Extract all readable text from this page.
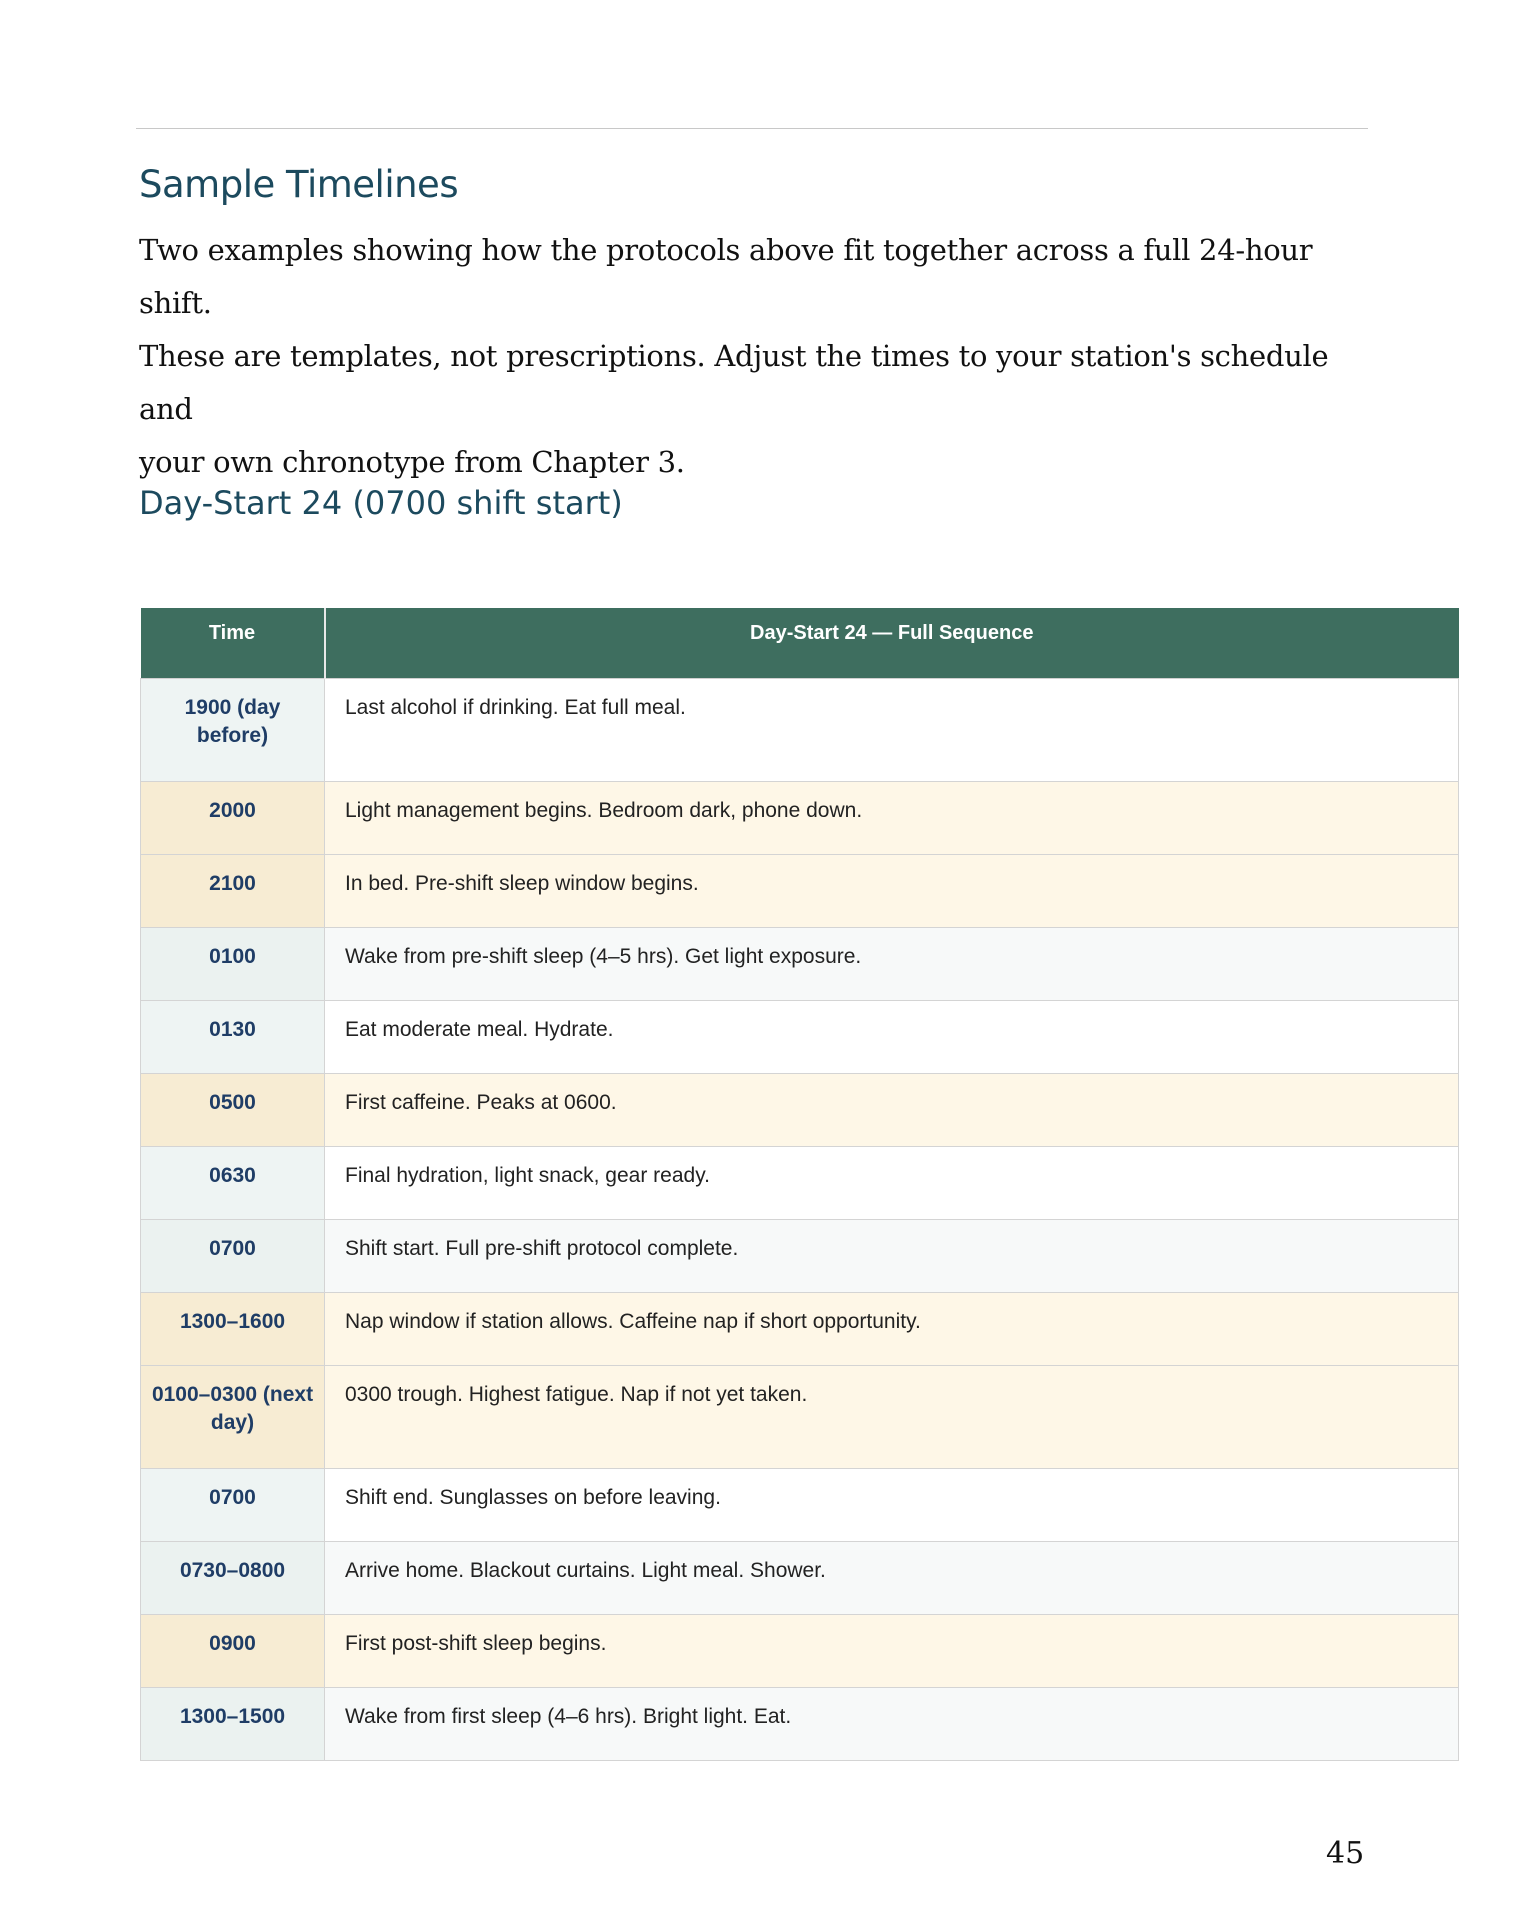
Sample Timelines

Two examples showing how the protocols above fit together across a full 24-hour shift.
These are templates, not prescriptions. Adjust the times to your station's schedule and
your own chronotype from Chapter 3.

Day-Start 24 (0700 shift start)
Time	Day-Start 24 — Full Sequence
1900 (day before)	Last alcohol if drinking. Eat full meal.
2000	Light management begins. Bedroom dark, phone down.
2100	In bed. Pre-shift sleep window begins.
0100	Wake from pre-shift sleep (4–5 hrs). Get light exposure.
0130	Eat moderate meal. Hydrate.
0500	First caffeine. Peaks at 0600.
0630	Final hydration, light snack, gear ready.
0700	Shift start. Full pre-shift protocol complete.
1300–1600	Nap window if station allows. Caffeine nap if short opportunity.
0100–0300 (next day)	0300 trough. Highest fatigue. Nap if not yet taken.
0700	Shift end. Sunglasses on before leaving.
0730–0800	Arrive home. Blackout curtains. Light meal. Shower.
0900	First post-shift sleep begins.
1300–1500	Wake from first sleep (4–6 hrs). Bright light. Eat.
45
